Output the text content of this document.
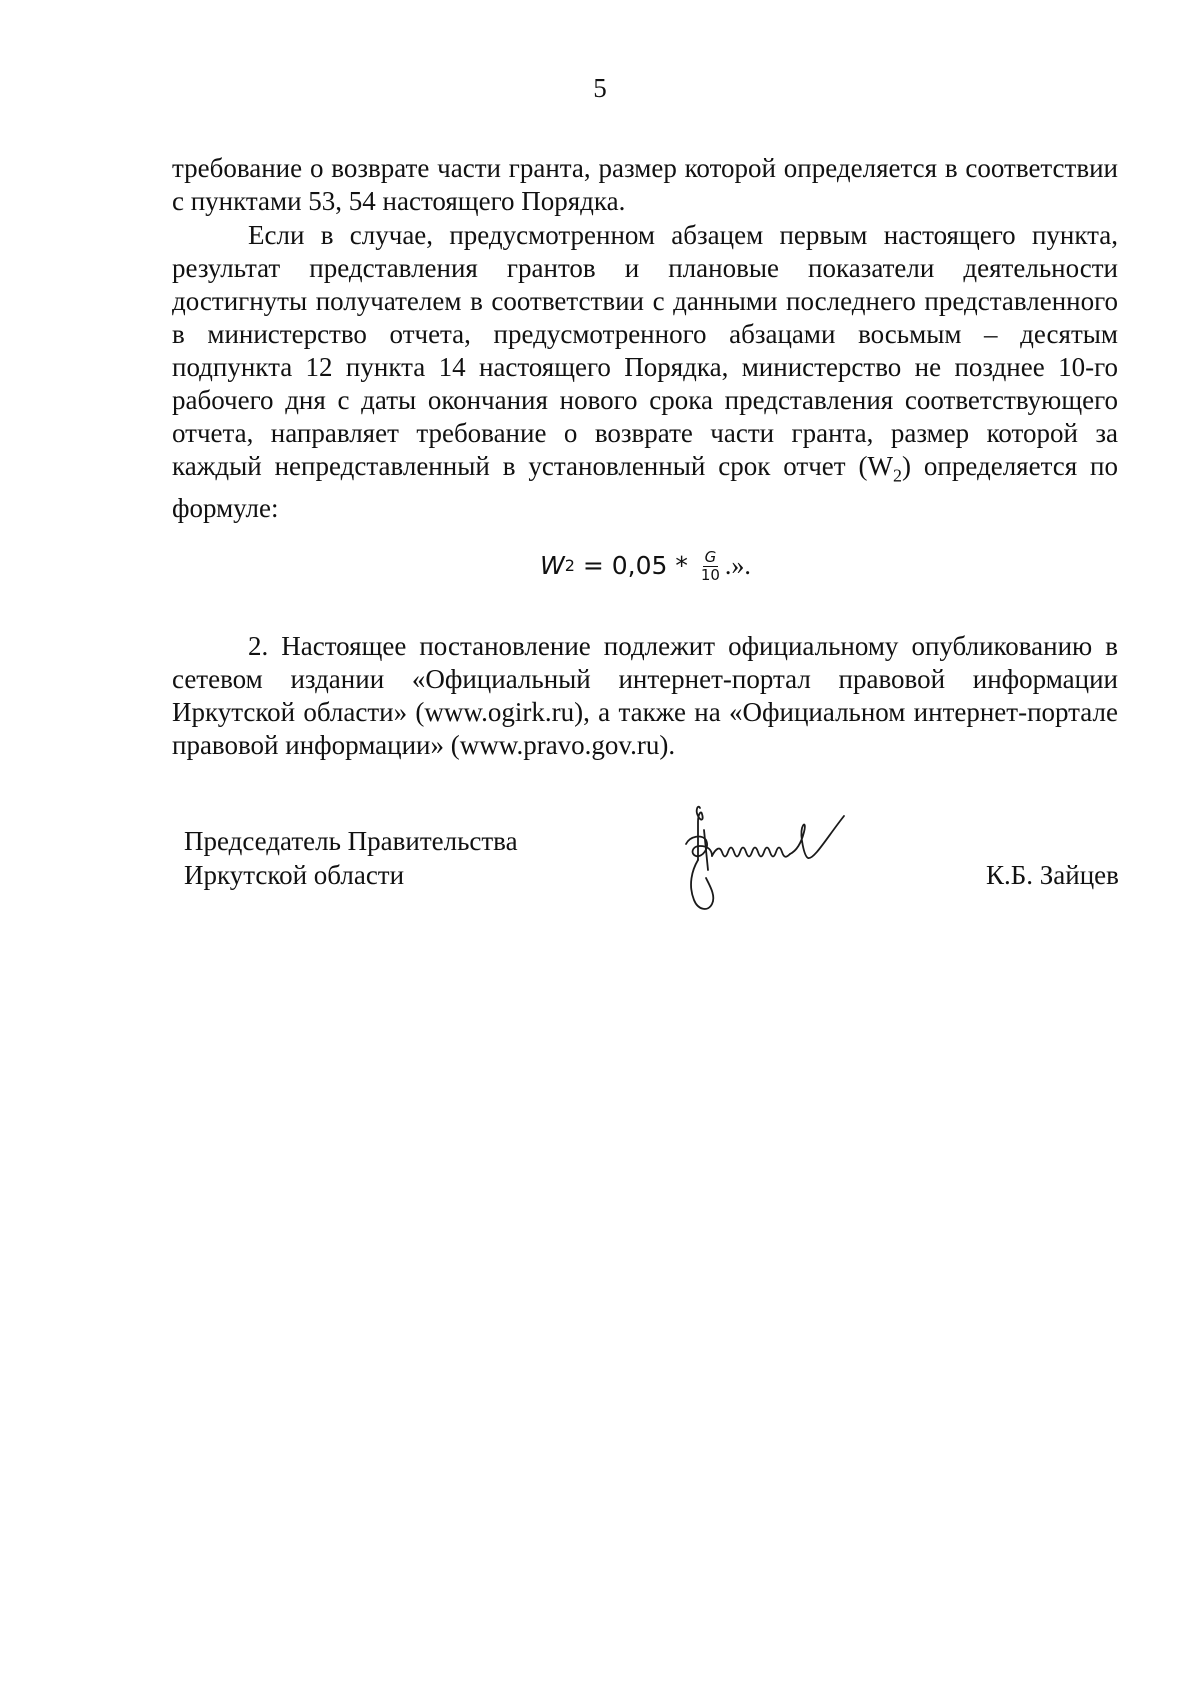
5

требование о возврате части гранта, размер которой определяется в соответствии с пунктами 53, 54 настоящего Порядка.

Если в случае, предусмотренном абзацем первым настоящего пункта, результат представления грантов и плановые показатели деятельности достигнуты получателем в соответствии с данными последнего представленного в министерство отчета, предусмотренного абзацами восьмым – десятым подпункта 12 пункта 14 настоящего Порядка, министерство не позднее 10-го рабочего дня с даты окончания нового срока представления соответствующего отчета, направляет требование о возврате части гранта, размер которой за каждый непредставленный в установленный срок отчет $(W_2)$ определяется по формуле:

W $2 = 0,05 * \frac{G}{10}$ .».

2. Настоящее постановление подлежит официальному опубликованию в сетевом издании «Официальный интернет-портал правовой информации Иркутской области» (www.ogirk.ru), а также на «Официальном интернет-портале правовой информации» (www.pravo.gov.ru).

Председатель Правительства
Иркутской области	К.Б. Зайцев
